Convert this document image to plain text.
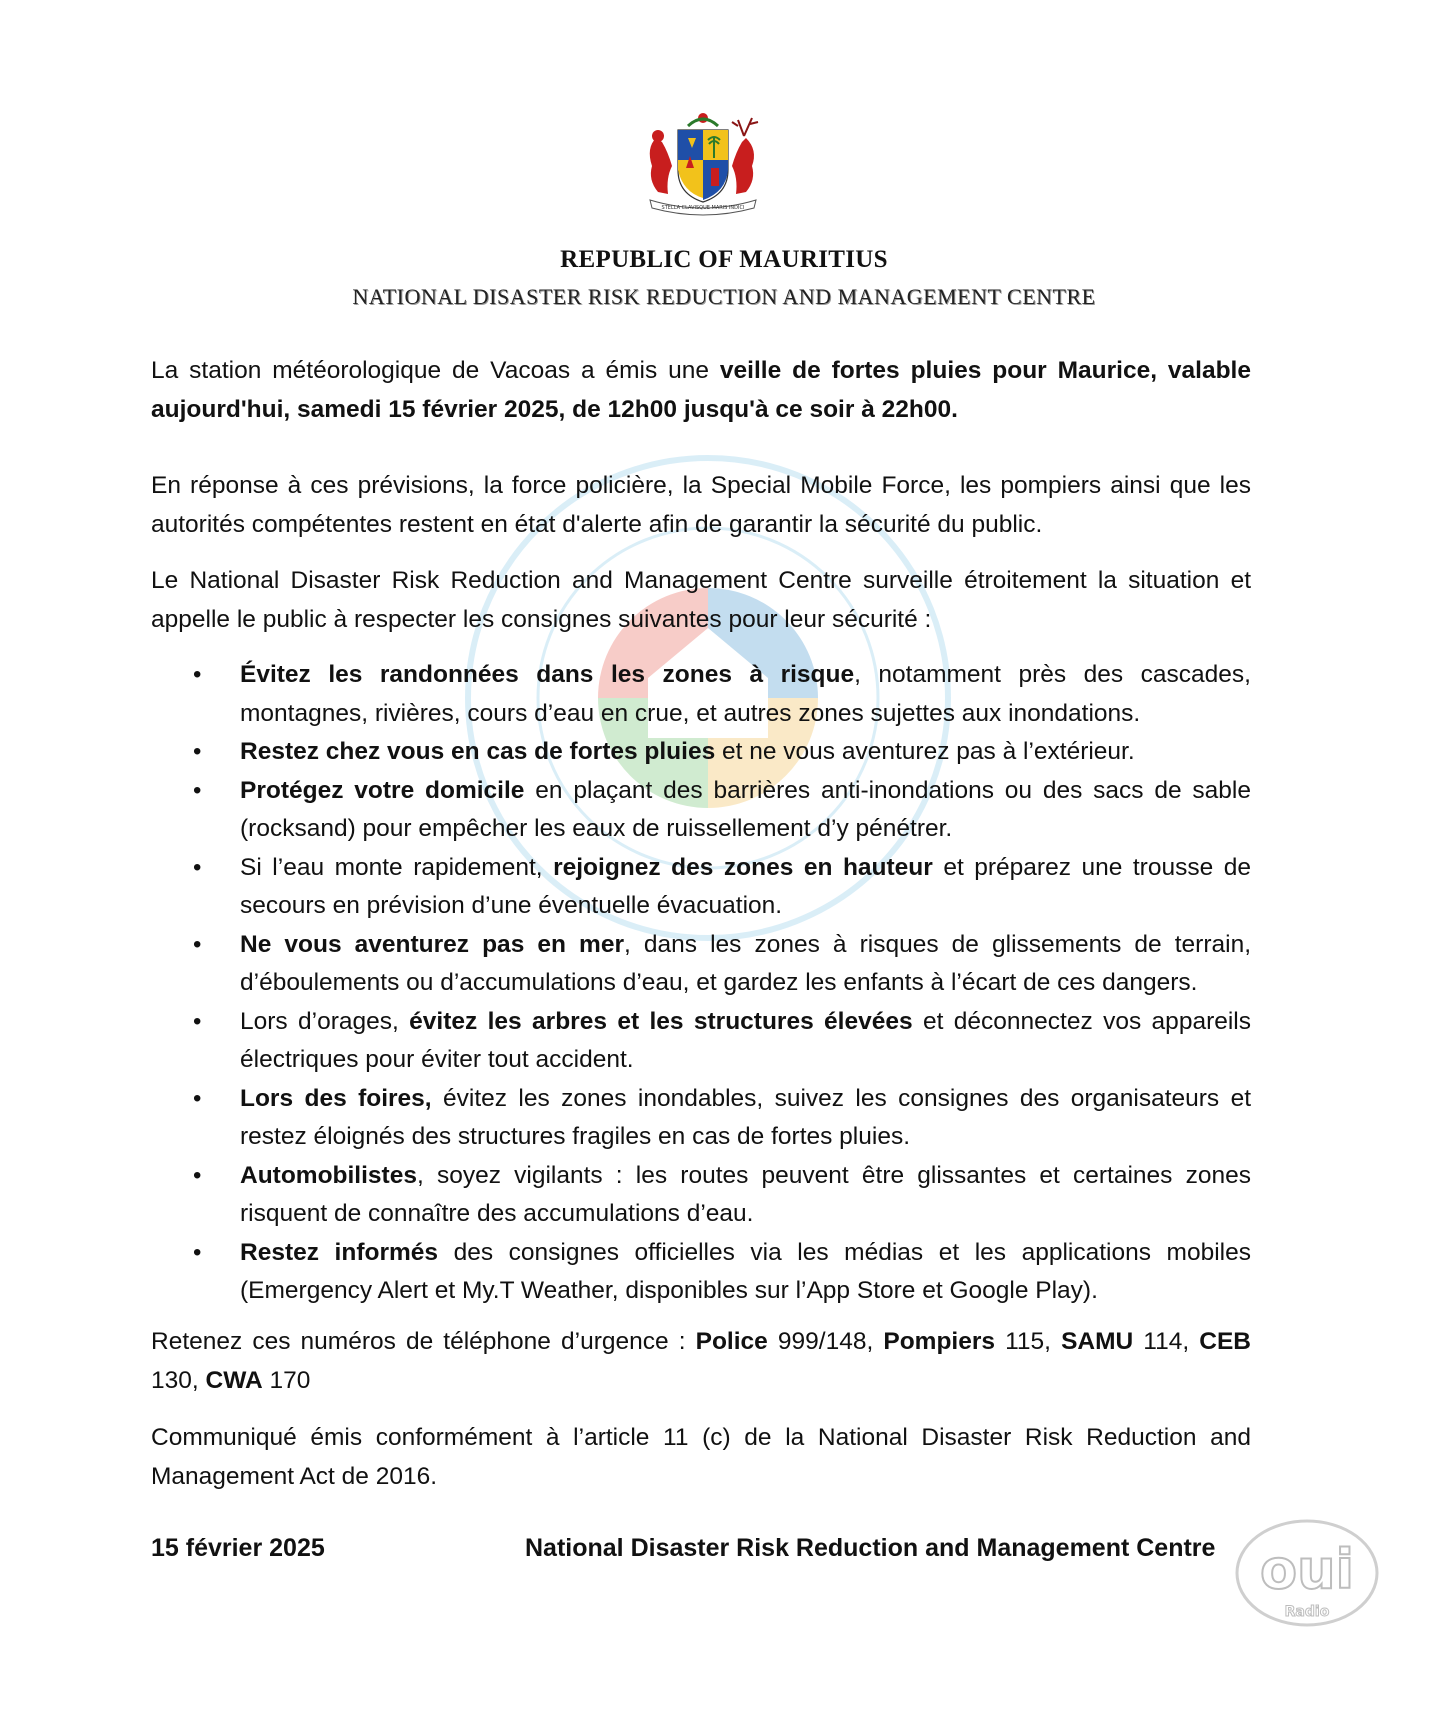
STELLA CLAVISQUE MARIS INDICI
REPUBLIC OF MAURITIUS
NATIONAL DISASTER RISK REDUCTION AND MANAGEMENT CENTRE
La station météorologique de Vacoas a émis une veille de fortes pluies pour Maurice, valable aujourd'hui, samedi 15 février 2025, de 12h00 jusqu'à ce soir à 22h00.
En réponse à ces prévisions, la force policière, la Special Mobile Force, les pompiers ainsi que les autorités compétentes restent en état d'alerte afin de garantir la sécurité du public.
Le National Disaster Risk Reduction and Management Centre surveille étroitement la situation et appelle le public à respecter les consignes suivantes pour leur sécurité :
• Évitez les randonnées dans les zones à risque, notamment près des cascades, montagnes, rivières, cours d’eau en crue, et autres zones sujettes aux inondations.
• Restez chez vous en cas de fortes pluies et ne vous aventurez pas à l’extérieur.
• Protégez votre domicile en plaçant des barrières anti-inondations ou des sacs de sable (rocksand) pour empêcher les eaux de ruissellement d’y pénétrer.
• Si l’eau monte rapidement, rejoignez des zones en hauteur et préparez une trousse de secours en prévision d’une éventuelle évacuation.
• Ne vous aventurez pas en mer, dans les zones à risques de glissements de terrain, d’éboulements ou d’accumulations d’eau, et gardez les enfants à l’écart de ces dangers.
• Lors d’orages, évitez les arbres et les structures élevées et déconnectez vos appareils électriques pour éviter tout accident.
• Lors des foires, évitez les zones inondables, suivez les consignes des organisateurs et restez éloignés des structures fragiles en cas de fortes pluies.
• Automobilistes, soyez vigilants : les routes peuvent être glissantes et certaines zones risquent de connaître des accumulations d’eau.
• Restez informés des consignes officielles via les médias et les applications mobiles (Emergency Alert et My.T Weather, disponibles sur l’App Store et Google Play).
Retenez ces numéros de téléphone d’urgence : Police 999/148, Pompiers 115, SAMU 114, CEB 130, CWA 170
Communiqué émis conformément à l’article 11 (c) de la National Disaster Risk Reduction and Management Act de 2016.
15 février 2025	National Disaster Risk Reduction and Management Centre oui
Radio
